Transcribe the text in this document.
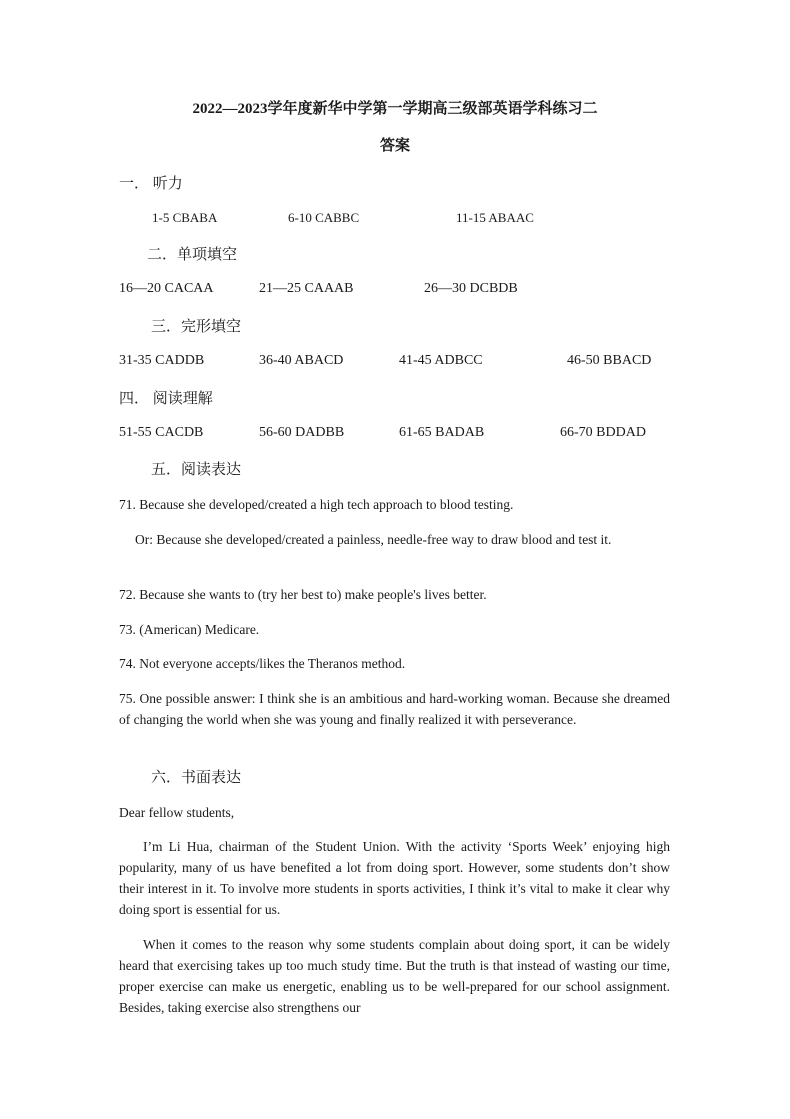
2022—2023学年度新华中学第一学期高三级部英语学科练习二
答案
一． 听力
1-5 CBABA	6-10 CABBC	11-15 ABAAC
二．单项填空
16—20 CACAA	21—25 CAAAB	26—30 DCBDB
三．完形填空
31-35 CADDB	36-40 ABACD	41-45 ADBCC	46-50 BBACD
四． 阅读理解
51-55 CACDB	56-60 DADBB	61-65 BADAB	66-70 BDDAD
五．阅读表达
71. Because she developed/created a high tech approach to blood testing.
Or: Because she developed/created a painless, needle-free way to draw blood and test it.
72. Because she wants to (try her best to) make people's lives better.
73. (American) Medicare.
74. Not everyone accepts/likes the Theranos method.
75. One possible answer: I think she is an ambitious and hard-working woman. Because she dreamed of changing the world when she was young and finally realized it with perseverance.
六．书面表达
Dear fellow students,
I’m Li Hua, chairman of the Student Union. With the activity ‘Sports Week’ enjoying high popularity, many of us have benefited a lot from doing sport. However, some students don’t show their interest in it. To involve more students in sports activities, I think it’s vital to make it clear why doing sport is essential for us.
When it comes to the reason why some students complain about doing sport, it can be widely heard that exercising takes up too much study time. But the truth is that instead of wasting our time, proper exercise can make us energetic, enabling us to be well-prepared for our school assignment. Besides, taking exercise also strengthens our
